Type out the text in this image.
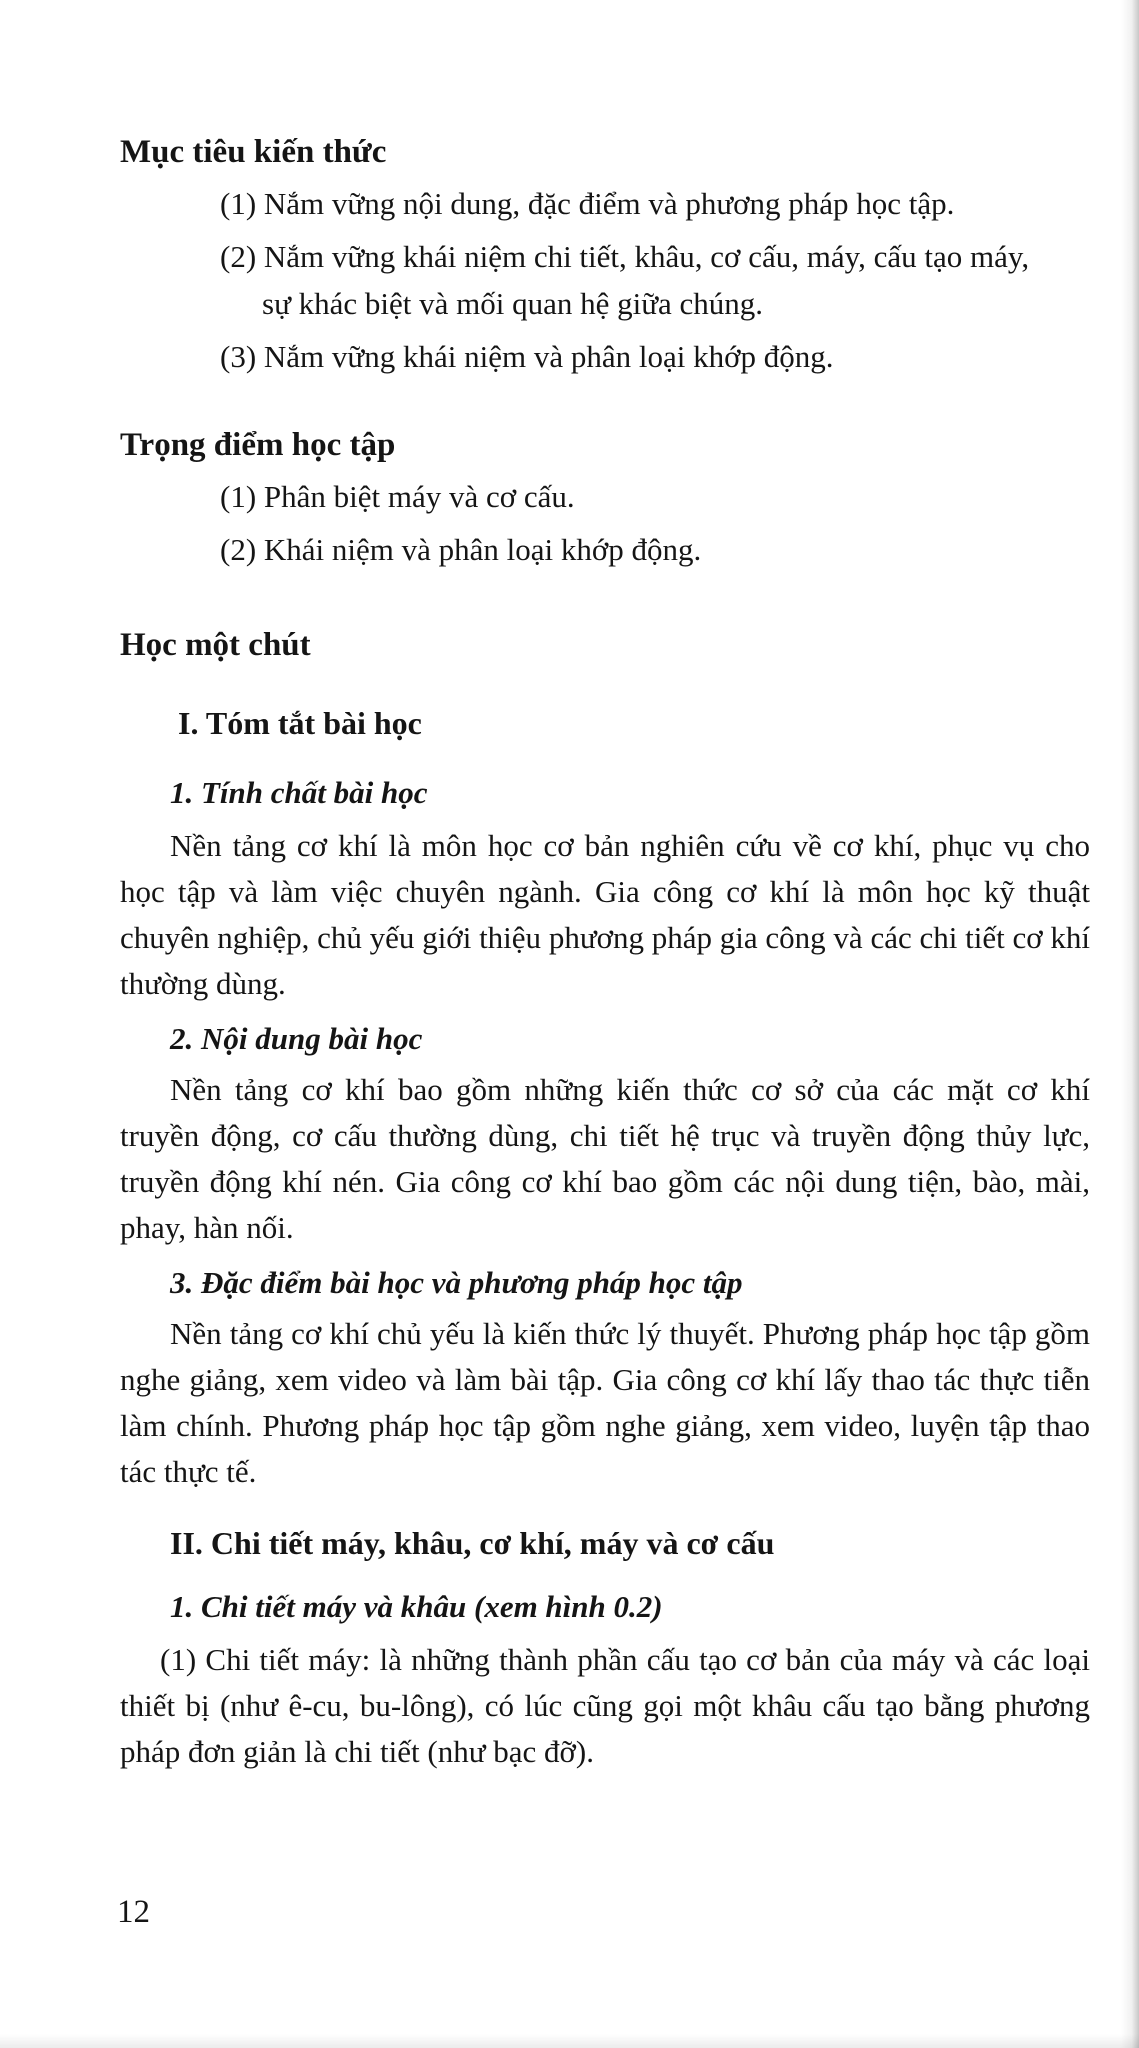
Mục tiêu kiến thức
(1) Nắm vững nội dung, đặc điểm và phương pháp học tập.
(2) Nắm vững khái niệm chi tiết, khâu, cơ cấu, máy, cấu tạo máy,
sự khác biệt và mối quan hệ giữa chúng.
(3) Nắm vững khái niệm và phân loại khớp động.
Trọng điểm học tập
(1) Phân biệt máy và cơ cấu.
(2) Khái niệm và phân loại khớp động.
Học một chút
I. Tóm tắt bài học
1. Tính chất bài học

Nền tảng cơ khí là môn học cơ bản nghiên cứu về cơ khí, phục vụ cho học tập và làm việc chuyên ngành. Gia công cơ khí là môn học kỹ thuật chuyên nghiệp, chủ yếu giới thiệu phương pháp gia công và các chi tiết cơ khí thường dùng.

2. Nội dung bài học

Nền tảng cơ khí bao gồm những kiến thức cơ sở của các mặt cơ khí truyền động, cơ cấu thường dùng, chi tiết hệ trục và truyền động thủy lực, truyền động khí nén. Gia công cơ khí bao gồm các nội dung tiện, bào, mài, phay, hàn nối.

3. Đặc điểm bài học và phương pháp học tập

Nền tảng cơ khí chủ yếu là kiến thức lý thuyết. Phương pháp học tập gồm nghe giảng, xem video và làm bài tập. Gia công cơ khí lấy thao tác thực tiễn làm chính. Phương pháp học tập gồm nghe giảng, xem video, luyện tập thao tác thực tế.

II. Chi tiết máy, khâu, cơ khí, máy và cơ cấu
1. Chi tiết máy và khâu (xem hình 0.2)

(1) Chi tiết máy: là những thành phần cấu tạo cơ bản của máy và các loại thiết bị (như ê-cu, bu-lông), có lúc cũng gọi một khâu cấu tạo bằng phương pháp đơn giản là chi tiết (như bạc đỡ).

12
